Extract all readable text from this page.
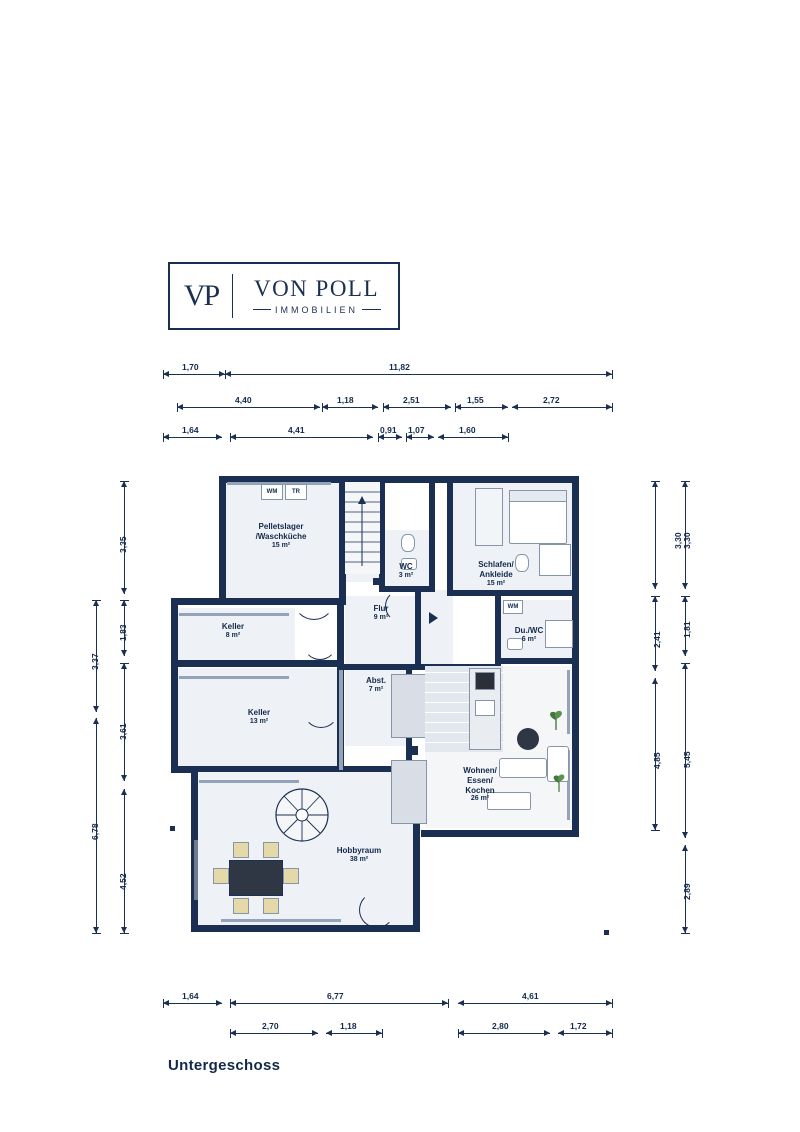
VP	VON POLL
IMMOBILIEN
1,70	11,82
4,40	1,18	2,51	1,55	2,72
1,64	4,41	0,91 1,07	1,60
3,35
1,83
3,61
4,52
3,37
6,78
3,30
2,41
4,85
3,30
1,81
5,45
2,89
1,64	6,77	4,61
2,70	1,18	2,80	1,72
WM TR
WM
Pelletslager
/Waschküche
15 m²
Keller
8 m²
Keller
13 m²
Flur
9 m²
Abst.
7 m²
WC
3 m²
Schlafen/
Ankleide
15 m²
Du./WC
6 m²
Wohnen/
Essen/
Kochen
26 m²
Hobbyraum
38 m²
Untergeschoss
